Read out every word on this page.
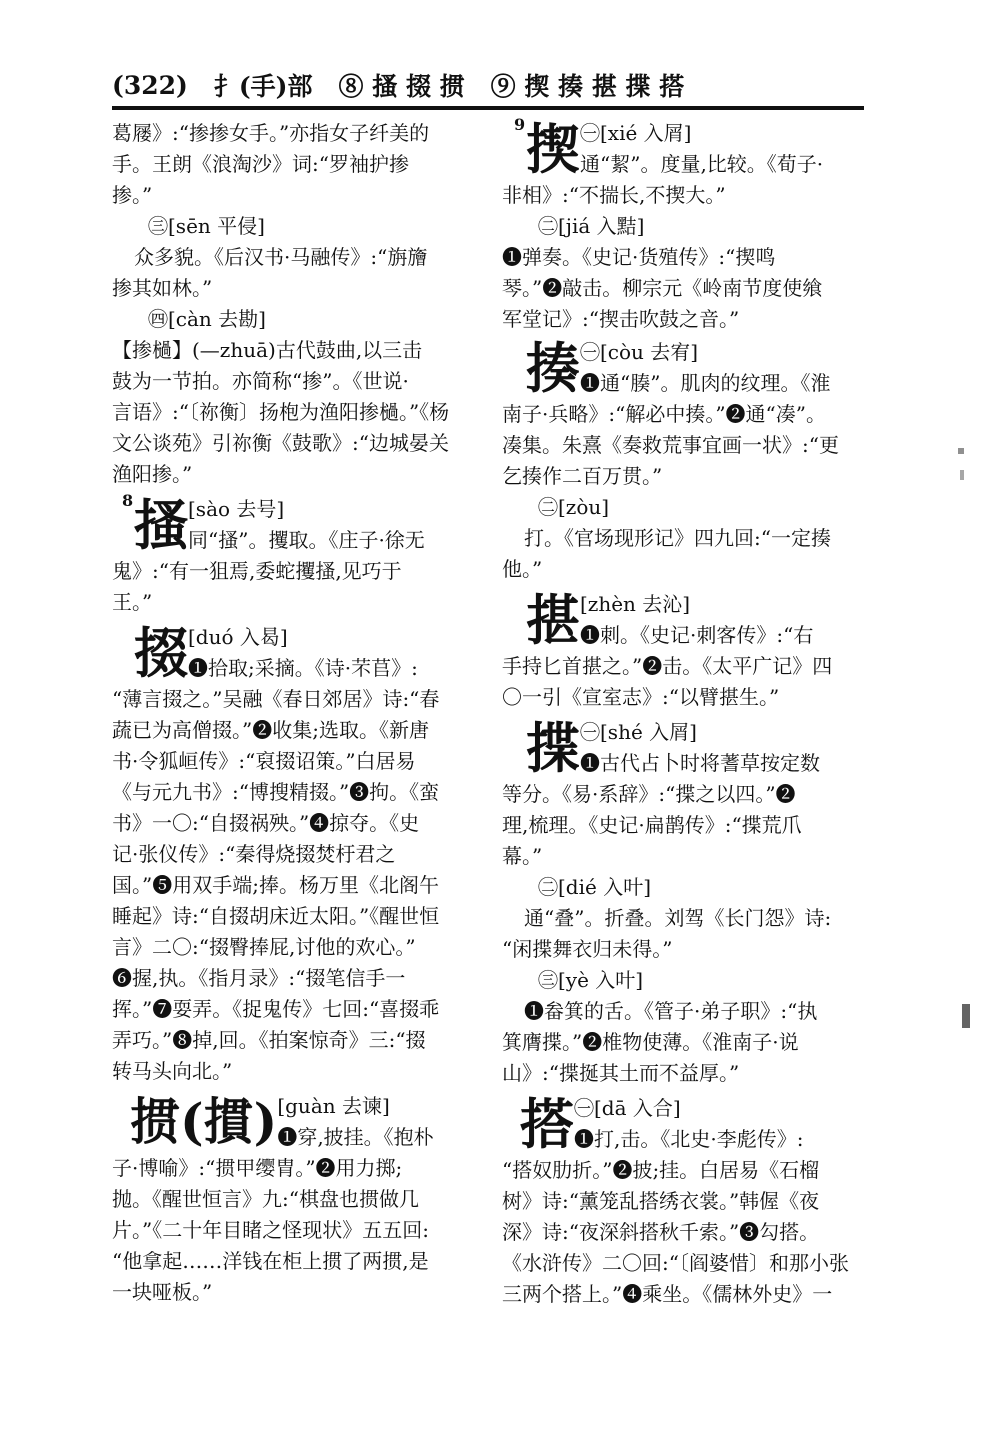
(322) 扌(手)部 ⑧ 搔 掇 掼 ⑨ 揳 揍 揕 揲 搭
葛屦》:“掺掺女手。”亦指女子纤美的
手。王朗《浪淘沙》词:“罗袖护掺
掺。”
㊂[sēn 平侵]
众多貌。《后汉书·马融传》:“旃旝
掺其如林。”
㊃[càn 去勘]
【掺檛】(—zhuā)古代鼓曲,以三击
鼓为一节拍。亦简称“掺”。《世说·
言语》:“〔祢衡〕扬枹为渔阳掺檛。”《杨
文公谈苑》引祢衡《鼓歌》:“边城晏关
渔阳掺。”
8 搔 [sào 去号]
同“搔”。攫取。《庄子·徐无
鬼》:“有一狙焉,委蛇攫搔,见巧于
王。”
掇 [duó 入曷]
❶拾取;采摘。《诗·芣苢》:
“薄言掇之。”吴融《春日郊居》诗:“春
蔬已为高僧掇。”❷收集;选取。《新唐
书·令狐峘传》:“裒掇诏策。”白居易
《与元九书》:“博搜精掇。”❸拘。《蛮
书》一〇:“自掇祸殃。”❹掠夺。《史
记·张仪传》:“秦得烧掇焚杅君之
国。”❺用双手端;捧。杨万里《北阁午
睡起》诗:“自掇胡床近太阳。”《醒世恒
言》二〇:“掇臀捧屁,讨他的欢心。”
❻握,执。《指月录》:“掇笔信手一
挥。”❼耍弄。《捉鬼传》七回:“喜掇乖
弄巧。”❽掉,回。《拍案惊奇》三:“掇
转马头向北。”
掼(摜) [guàn 去谏]
❶穿,披挂。《抱朴
子·博喻》:“掼甲缨胄。”❷用力掷;
抛。《醒世恒言》九:“棋盘也掼做几
片。”《二十年目睹之怪现状》五五回:
“他拿起……洋钱在柜上掼了两掼,是
一块哑板。”
9 揳 ㊀[xié 入屑]
通“絜”。度量,比较。《荀子·
非相》:“不揣长,不揳大。”
㊁[jiá 入黠]
❶弹奏。《史记·货殖传》:“揳鸣
琴。”❷敲击。柳宗元《岭南节度使飨
军堂记》:“揳击吹鼓之音。”
揍 ㊀[còu 去宥]
❶通“腠”。肌肉的纹理。《淮
南子·兵略》:“解必中揍。”❷通“凑”。
凑集。朱熹《奏救荒事宜画一状》:“更
乞揍作二百万贯。”
㊁[zòu]
打。《官场现形记》四九回:“一定揍
他。”
揕 [zhèn 去沁]
❶刺。《史记·刺客传》:“右
手持匕首揕之。”❷击。《太平广记》四
〇一引《宣室志》:“以臂揕生。”
揲 ㊀[shé 入屑]
❶古代占卜时将蓍草按定数
等分。《易·系辞》:“揲之以四。”❷
理,梳理。《史记·扁鹊传》:“揲荒爪
幕。”
㊁[dié 入叶]
通“叠”。折叠。刘驾《长门怨》诗:
“闲揲舞衣归未得。”
㊂[yè 入叶]
❶畚箕的舌。《管子·弟子职》:“执
箕膺揲。”❷椎物使薄。《淮南子·说
山》:“揲挻其土而不益厚。”
搭 ㊀[dā 入合]
❶打,击。《北史·李彪传》:
“搭奴肋折。”❷披;挂。白居易《石榴
树》诗:“薰笼乱搭绣衣裳。”韩偓《夜
深》诗:“夜深斜搭秋千索。”❸勾搭。
《水浒传》二〇回:“〔阎婆惜〕和那小张
三两个搭上。”❹乘坐。《儒林外史》一
